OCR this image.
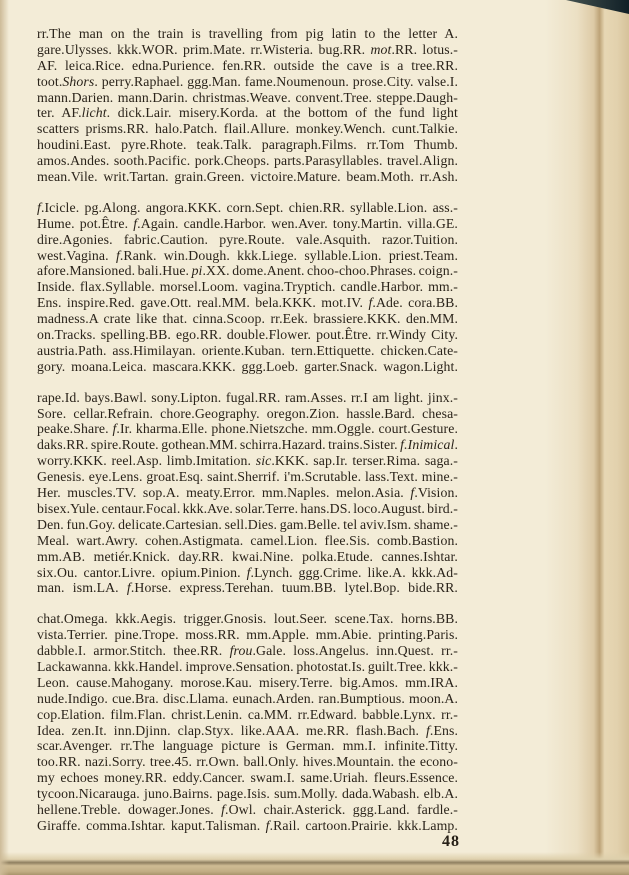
rr.The man on the train is travelling from pig latin to the letter A.
gare.Ulysses. kkk.WOR. prim.Mate. rr.Wisteria. bug.RR. mot.RR. lotus.-
AF. leica.Rice. edna.Purience. fen.RR. outside the cave is a tree.RR.
toot.Shors. perry.Raphael. ggg.Man. fame.Noumenoun. prose.City. valse.I.
mann.Darien. mann.Darin. christmas.Weave. convent.Tree. steppe.Daugh-
ter. AF.licht. dick.Lair. misery.Korda. at the bottom of the fund light
scatters prisms.RR. halo.Patch. flail.Allure. monkey.Wench. cunt.Talkie.
houdini.East. pyre.Rhote. teak.Talk. paragraph.Films. rr.Tom Thumb.
amos.Andes. sooth.Pacific. pork.Cheops. parts.Parasyllables. travel.Align.
mean.Vile. writ.Tartan. grain.Green. victoire.Mature. beam.Moth. rr.Ash.
f.Icicle. pg.Along. angora.KKK. corn.Sept. chien.RR. syllable.Lion. ass.-
Hume. pot.Être. f.Again. candle.Harbor. wen.Aver. tony.Martin. villa.GE.
dire.Agonies. fabric.Caution. pyre.Route. vale.Asquith. razor.Tuition.
west.Vagina. f.Rank. win.Dough. kkk.Liege. syllable.Lion. priest.Team.
afore.Mansioned. bali.Hue. pi.XX. dome.Anent. choo-choo.Phrases. coign.-
Inside. flax.Syllable. morsel.Loom. vagina.Tryptich. candle.Harbor. mm.-
Ens. inspire.Red. gave.Ott. real.MM. bela.KKK. mot.IV. f.Ade. cora.BB.
madness.A crate like that. cinna.Scoop. rr.Eek. brassiere.KKK. den.MM.
on.Tracks. spelling.BB. ego.RR. double.Flower. pout.Être. rr.Windy City.
austria.Path. ass.Himilayan. oriente.Kuban. tern.Ettiquette. chicken.Cate-
gory. moana.Leica. mascara.KKK. ggg.Loeb. garter.Snack. wagon.Light.
rape.Id. bays.Bawl. sony.Lipton. fugal.RR. ram.Asses. rr.I am light. jinx.-
Sore. cellar.Refrain. chore.Geography. oregon.Zion. hassle.Bard. chesa-
peake.Share. f.Ir. kharma.Elle. phone.Nietszche. mm.Oggle. court.Gesture.
daks.RR. spire.Route. gothean.MM. schirra.Hazard. trains.Sister. f.Inimical.
worry.KKK. reel.Asp. limb.Imitation. sic.KKK. sap.Ir. terser.Rima. saga.-
Genesis. eye.Lens. groat.Esq. saint.Sherrif. i'm.Scrutable. lass.Text. mine.-
Her. muscles.TV. sop.A. meaty.Error. mm.Naples. melon.Asia. f.Vision.
bisex.Yule. centaur.Focal. kkk.Ave. solar.Terre. hans.DS. loco.August. bird.-
Den. fun.Goy. delicate.Cartesian. sell.Dies. gam.Belle. tel aviv.Ism. shame.-
Meal. wart.Awry. cohen.Astigmata. camel.Lion. flee.Sis. comb.Bastion.
mm.AB. metiér.Knick. day.RR. kwai.Nine. polka.Etude. cannes.Ishtar.
six.Ou. cantor.Livre. opium.Pinion. f.Lynch. ggg.Crime. like.A. kkk.Ad-
man. ism.LA. f.Horse. express.Terehan. tuum.BB. lytel.Bop. bide.RR.
chat.Omega. kkk.Aegis. trigger.Gnosis. lout.Seer. scene.Tax. horns.BB.
vista.Terrier. pine.Trope. moss.RR. mm.Apple. mm.Abie. printing.Paris.
dabble.I. armor.Stitch. thee.RR. frou.Gale. loss.Angelus. inn.Quest. rr.-
Lackawanna. kkk.Handel. improve.Sensation. photostat.Is. guilt.Tree. kkk.-
Leon. cause.Mahogany. morose.Kau. misery.Terre. big.Amos. mm.IRA.
nude.Indigo. cue.Bra. disc.Llama. eunach.Arden. ran.Bumptious. moon.A.
cop.Elation. film.Flan. christ.Lenin. ca.MM. rr.Edward. babble.Lynx. rr.-
Idea. zen.It. inn.Djinn. clap.Styx. like.AAA. me.RR. flash.Bach. f.Ens.
scar.Avenger. rr.The language picture is German. mm.I. infinite.Titty.
too.RR. nazi.Sorry. tree.45. rr.Own. ball.Only. hives.Mountain. the econo-
my echoes money.RR. eddy.Cancer. swam.I. same.Uriah. fleurs.Essence.
tycoon.Nicarauga. juno.Bairns. page.Isis. sum.Molly. dada.Wabash. elb.A.
hellene.Treble. dowager.Jones. f.Owl. chair.Asterick. ggg.Land. fardle.-
Giraffe. comma.Ishtar. kaput.Talisman. f.Rail. cartoon.Prairie. kkk.Lamp.
48
